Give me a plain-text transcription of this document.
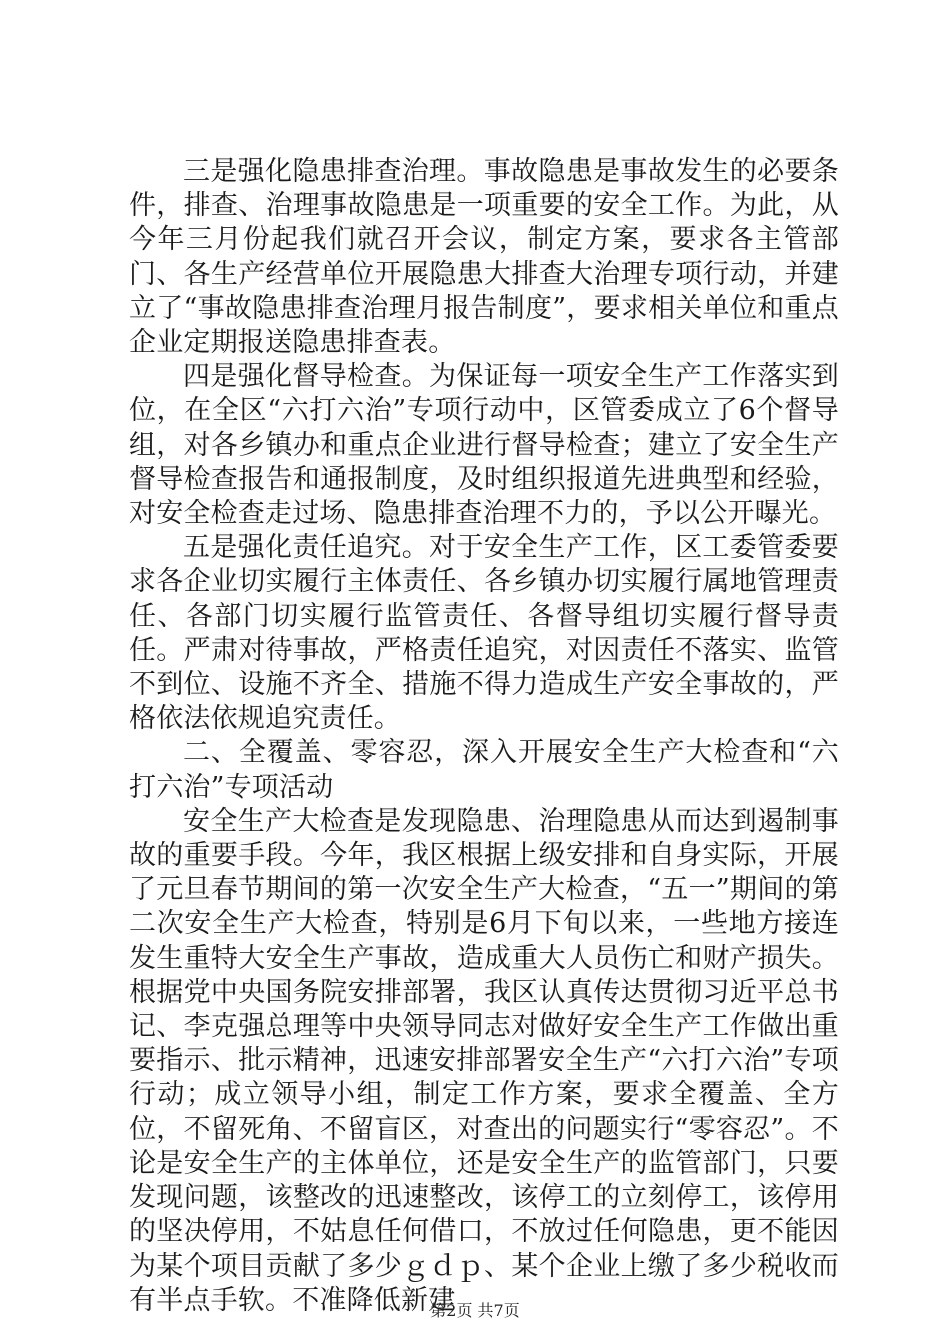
三是强化隐患排查治理。事故隐患是事故发生的必要条件，排查、治理事故隐患是一项重要的安全工作。为此，从今年三月份起我们就召开会议，制定方案，要求各主管部门、各生产经营单位开展隐患大排查大治理专项行动，并建立了“事故隐患排查治理月报告制度”，要求相关单位和重点企业定期报送隐患排查表。

四是强化督导检查。为保证每一项安全生产工作落实到位，在全区“六打六治”专项行动中，区管委成立了6个督导组，对各乡镇办和重点企业进行督导检查；建立了安全生产督导检查报告和通报制度，及时组织报道先进典型和经验，对安全检查走过场、隐患排查治理不力的，予以公开曝光。

五是强化责任追究。对于安全生产工作，区工委管委要求各企业切实履行主体责任、各乡镇办切实履行属地管理责任、各部门切实履行监管责任、各督导组切实履行督导责任。严肃对待事故，严格责任追究，对因责任不落实、监管不到位、设施不齐全、措施不得力造成生产安全事故的，严格依法依规追究责任。

二、全覆盖、零容忍，深入开展安全生产大检查和“六打六治”专项活动

安全生产大检查是发现隐患、治理隐患从而达到遏制事故的重要手段。今年，我区根据上级安排和自身实际，开展了元旦春节期间的第一次安全生产大检查，“五一”期间的第二次安全生产大检查，特别是6月下旬以来，一些地方接连发生重特大安全生产事故，造成重大人员伤亡和财产损失。根据党中央国务院安排部署，我区认真传达贯彻习近平总书记、李克强总理等中央领导同志对做好安全生产工作做出重要指示、批示精神，迅速安排部署安全生产“六打六治”专项行动；成立领导小组，制定工作方案，要求全覆盖、全方位，不留死角、不留盲区，对查出的问题实行“零容忍”。不论是安全生产的主体单位，还是安全生产的监管部门，只要发现问题，该整改的迅速整改，该停工的立刻停工，该停用的坚决停用，不姑息任何借口，不放过任何隐患，更不能因为某个项目贡献了多少ｇｄｐ、某个企业上缴了多少税收而有半点手软。不准降低新建

第2页 共7页
